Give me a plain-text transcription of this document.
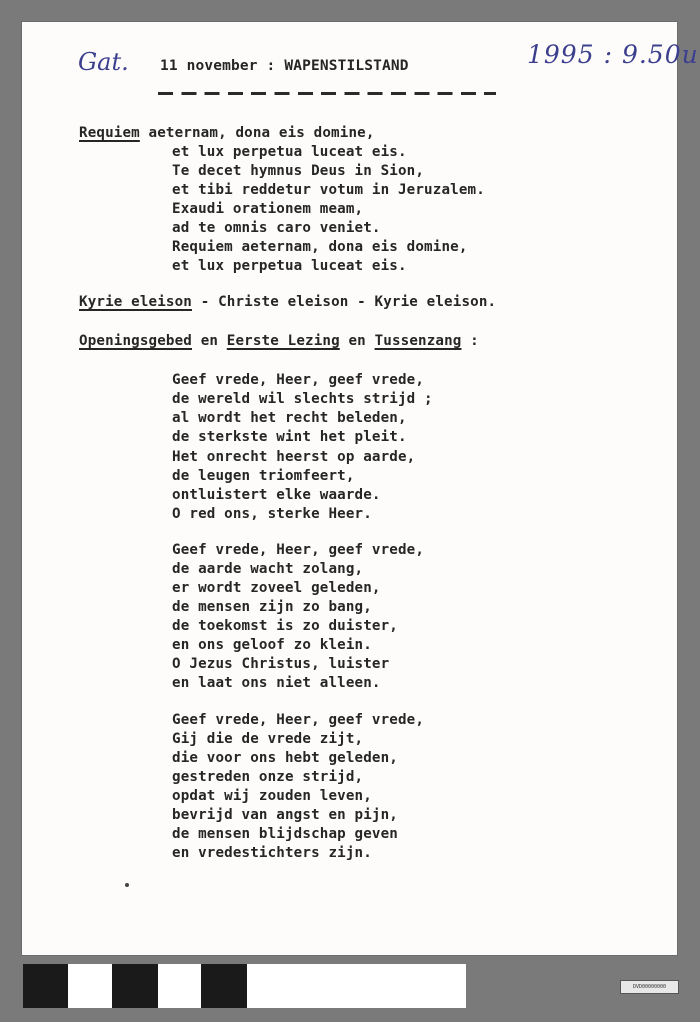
Gat. 11 november : WAPENSTILSTAND	1995 : 9.50u
Requiem aeternam, dona eis domine,
et lux perpetua luceat eis.
Te decet hymnus Deus in Sion,
et tibi reddetur votum in Jeruzalem.
Exaudi orationem meam,
ad te omnis caro veniet.
Requiem aeternam, dona eis domine,
et lux perpetua luceat eis.
Kyrie eleison - Christe eleison - Kyrie eleison.
Openingsgebed en Eerste Lezing en Tussenzang :
Geef vrede, Heer, geef vrede,
de wereld wil slechts strijd ;
al wordt het recht beleden,
de sterkste wint het pleit.
Het onrecht heerst op aarde,
de leugen triomfeert,
ontluistert elke waarde.
O red ons, sterke Heer.
Geef vrede, Heer, geef vrede,
de aarde wacht zolang,
er wordt zoveel geleden,
de mensen zijn zo bang,
de toekomst is zo duister,
en ons geloof zo klein.
O Jezus Christus, luister
en laat ons niet alleen.
Geef vrede, Heer, geef vrede,
Gij die de vrede zijt,
die voor ons hebt geleden,
gestreden onze strijd,
opdat wij zouden leven,
bevrijd van angst en pijn,
de mensen blijdschap geven
en vredestichters zijn.
DVD00000000
